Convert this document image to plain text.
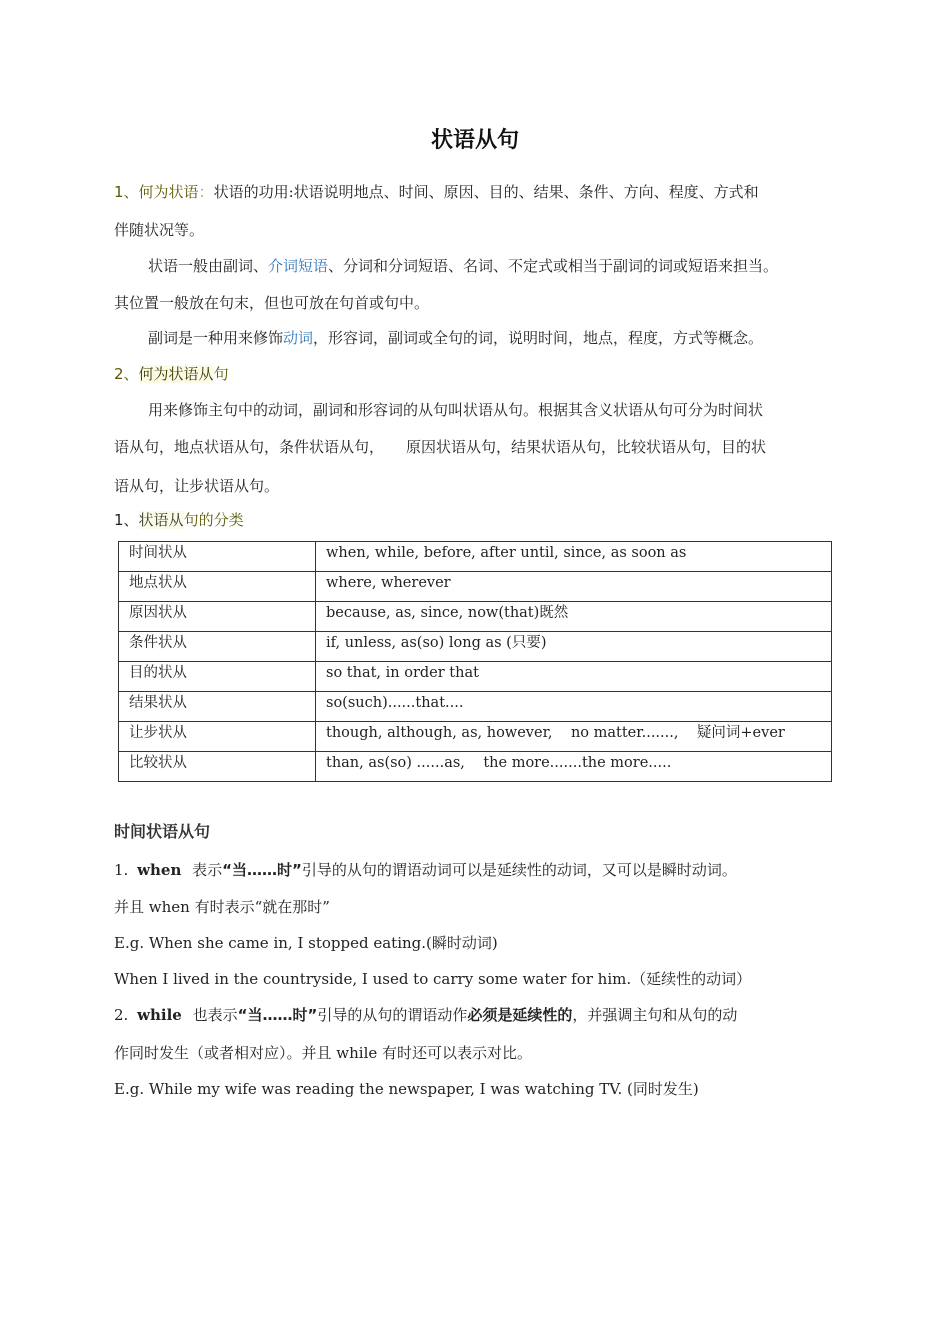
状语从句
1、何为状语：状语的功用:状语说明地点、时间、原因、目的、结果、条件、方向、程度、方式和
伴随状况等。
状语一般由副词、介词短语、分词和分词短语、名词、不定式或相当于副词的词或短语来担当。
其位置一般放在句末，但也可放在句首或句中。
副词是一种用来修饰动词，形容词，副词或全句的词，说明时间，地点，程度，方式等概念。
2、何为状语从句
用来修饰主句中的动词，副词和形容词的从句叫状语从句。根据其含义状语从句可分为时间状
语从句，地点状语从句，条件状语从句， 原因状语从句，结果状语从句，比较状语从句，目的状
语从句，让步状语从句。
1、状语从句的分类
时间状从	when, while, before, after until, since, as soon as
地点状从	where, wherever
原因状从	because, as, since, now(that)既然
条件状从	if, unless, as(so) long as (只要)
目的状从	so that, in order that
结果状从	so(such)......that....
让步状从	though, although, as, however,    no matter.......,    疑问词+ever
比较状从	than, as(so) ......as,    the more.......the more.....
时间状语从句
1. when 表示“当……时”引导的从句的谓语动词可以是延续性的动词，又可以是瞬时动词。
并且 when 有时表示“就在那时”
E.g. When she came in, I stopped eating.(瞬时动词)
When I lived in the countryside, I used to carry some water for him.（延续性的动词）
2. while 也表示“当……时”引导的从句的谓语动作必须是延续性的，并强调主句和从句的动
作同时发生（或者相对应）。并且 while 有时还可以表示对比。
E.g. While my wife was reading the newspaper, I was watching TV. (同时发生)
